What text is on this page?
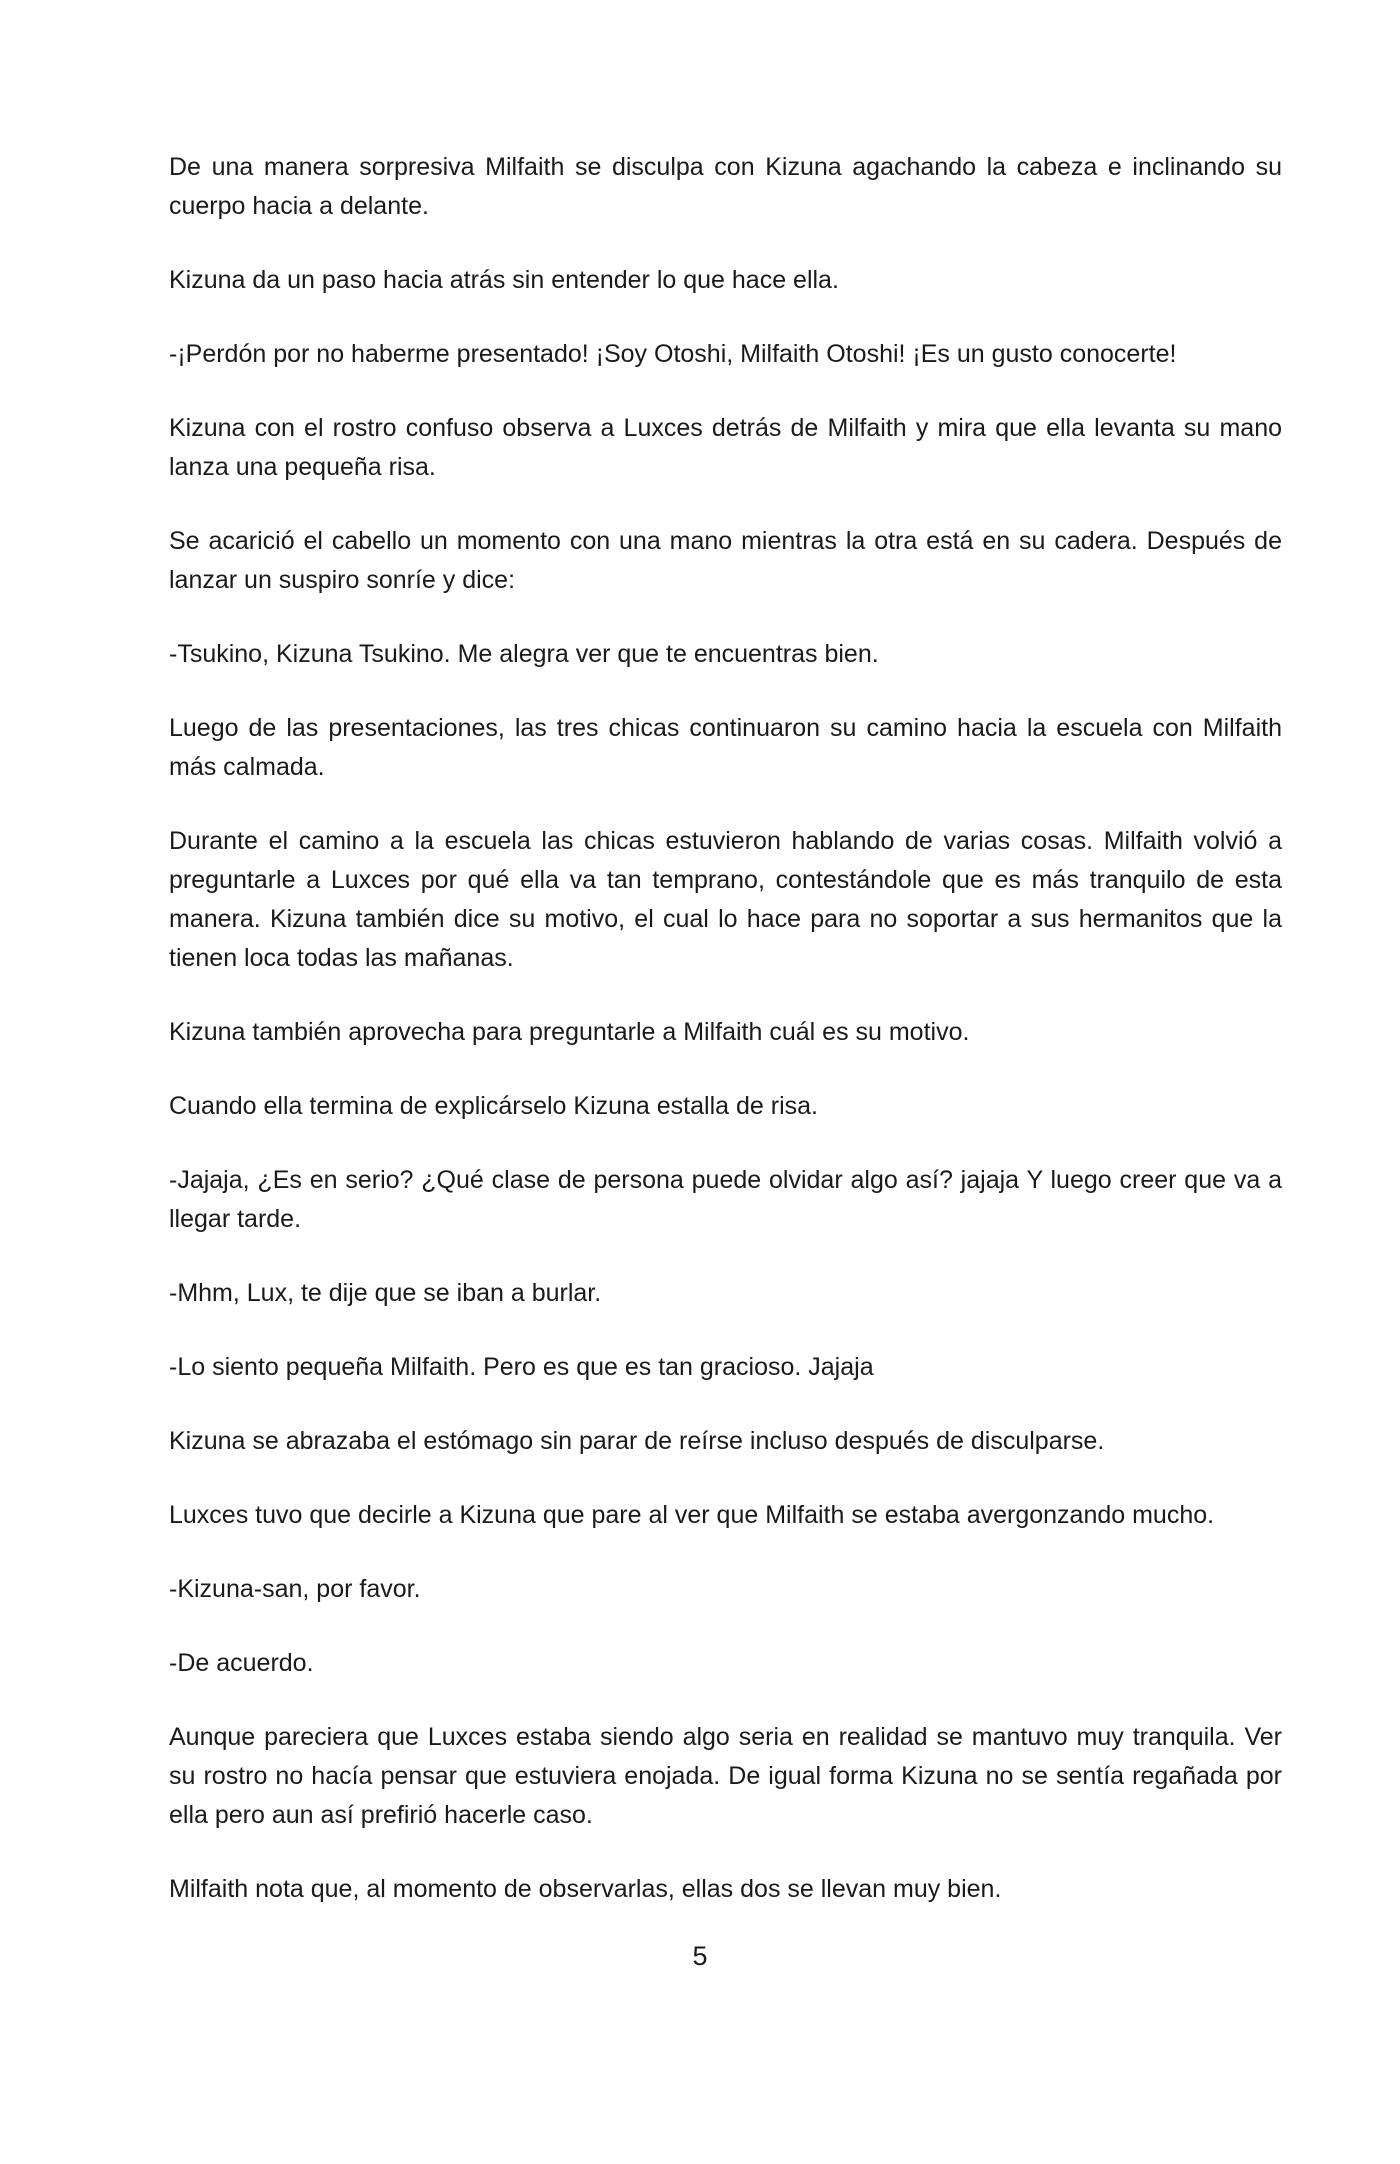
De una manera sorpresiva Milfaith se disculpa con Kizuna agachando la cabeza e inclinando su cuerpo hacia a delante.

Kizuna da un paso hacia atrás sin entender lo que hace ella.

-¡Perdón por no haberme presentado! ¡Soy Otoshi, Milfaith Otoshi! ¡Es un gusto conocerte!

Kizuna con el rostro confuso observa a Luxces detrás de Milfaith y mira que ella levanta su mano lanza una pequeña risa.

Se acarició el cabello un momento con una mano mientras la otra está en su cadera. Después de lanzar un suspiro sonríe y dice:

-Tsukino, Kizuna Tsukino. Me alegra ver que te encuentras bien.

Luego de las presentaciones, las tres chicas continuaron su camino hacia la escuela con Milfaith más calmada.

Durante el camino a la escuela las chicas estuvieron hablando de varias cosas. Milfaith volvió a preguntarle a Luxces por qué ella va tan temprano, contestándole que es más tranquilo de esta manera. Kizuna también dice su motivo, el cual lo hace para no soportar a sus hermanitos que la tienen loca todas las mañanas.

Kizuna también aprovecha para preguntarle a Milfaith cuál es su motivo.

Cuando ella termina de explicárselo Kizuna estalla de risa.

-Jajaja, ¿Es en serio? ¿Qué clase de persona puede olvidar algo así? jajaja Y luego creer que va a llegar tarde.

-Mhm, Lux, te dije que se iban a burlar.

-Lo siento pequeña Milfaith. Pero es que es tan gracioso. Jajaja

Kizuna se abrazaba el estómago sin parar de reírse incluso después de disculparse.

Luxces tuvo que decirle a Kizuna que pare al ver que Milfaith se estaba avergonzando mucho.

-Kizuna-san, por favor.

-De acuerdo.

Aunque pareciera que Luxces estaba siendo algo seria en realidad se mantuvo muy tranquila. Ver su rostro no hacía pensar que estuviera enojada. De igual forma Kizuna no se sentía regañada por ella pero aun así prefirió hacerle caso.

Milfaith nota que, al momento de observarlas, ellas dos se llevan muy bien.

5
